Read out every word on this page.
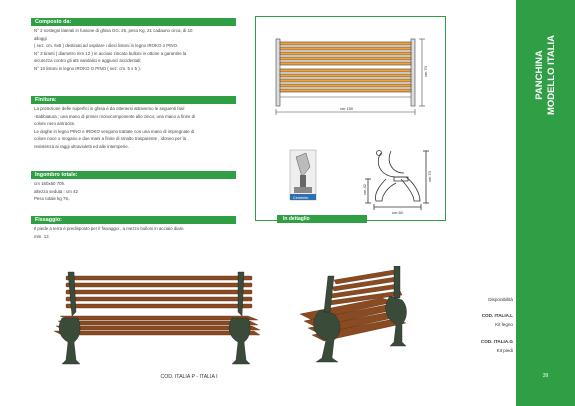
Composto da:

N° 2 sostegni laterali in fusione di ghisa GG. 25, peso Kg. 21 cadauno circa, di 10

alloggi

( sez. cm. 6x5 ) destinati ad ospitare i dieci listoni in legno IROKO o PINO.

N° 3 tiranti ( diametro mm 12 ) in acciaio zincato bulloni in ottone a garantire la

sicurezza contro gli atti vandalici e aggiunci accidentali;

N° 10 listoni in legno IROKO O PINO ( sez. cm. 5 x 5 ).

Finitura:

La protezione delle superfici in ghisa è da ottenersi attraverso le seguenti fasi:

-Sabbiatura ; una mano di primer monocomponente allo zinco; una mano a finire di

colore nero antracite.

Le doghe in legno PINO e IROKO vengono trattate con una mano di impregnate di

colore noce o mogano e due mani a finire di smalto trasparente , idoneo per la

resistenza ai raggi ultravioletti ed alle intemperie.

Ingombro totale:

cm 160x60 70h.

altezza seduta : cm 42

Peso totale kg 76,.

Fissaggio:

Il piede a terra è predisposto per il fissaggio , a mezzo bulloni in acciaio diam.

mm. 12.

cm 150
cm 70
Cemento
cm 42
cm 70
cm 60
In dettaglio
COD. ITALIA P - ITALIA I
Disponibilità
COD. ITALIA.L
Kit legno
COD. ITALIA.G
Kit piedi
PANCHINA MODELLO ITALIA
39
